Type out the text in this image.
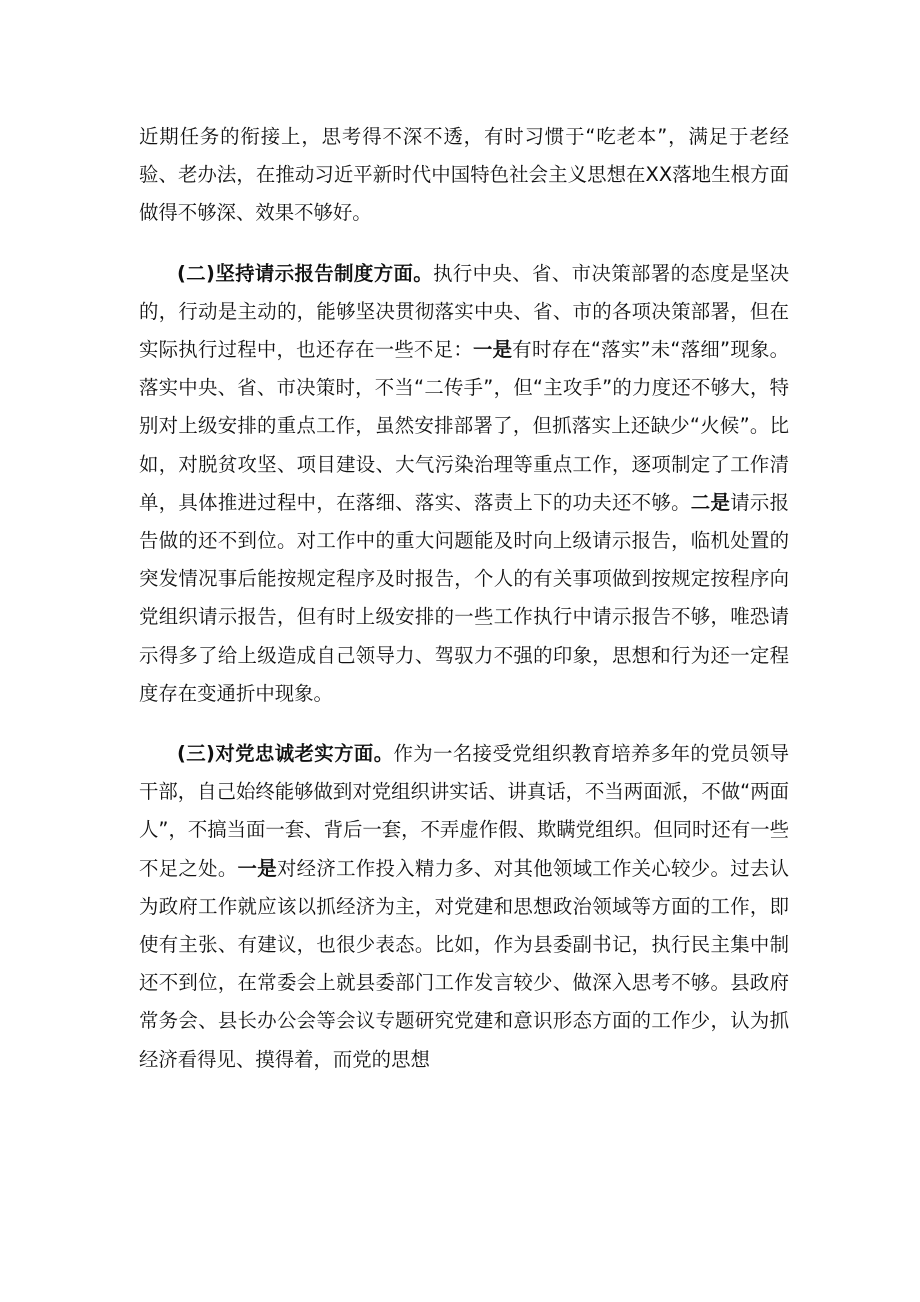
近期任务的衔接上，思考得不深不透，有时习惯于“吃老本”，满足于老经验、老办法，在推动习近平新时代中国特色社会主义思想在XX落地生根方面做得不够深、效果不够好。

(二)坚持请示报告制度方面。执行中央、省、市决策部署的态度是坚决的，行动是主动的，能够坚决贯彻落实中央、省、市的各项决策部署，但在实际执行过程中，也还存在一些不足：一是有时存在“落实”未“落细”现象。落实中央、省、市决策时，不当“二传手”，但“主攻手”的力度还不够大，特别对上级安排的重点工作，虽然安排部署了，但抓落实上还缺少“火候”。比如，对脱贫攻坚、项目建设、大气污染治理等重点工作，逐项制定了工作清单，具体推进过程中，在落细、落实、落责上下的功夫还不够。二是请示报告做的还不到位。对工作中的重大问题能及时向上级请示报告，临机处置的突发情况事后能按规定程序及时报告，个人的有关事项做到按规定按程序向党组织请示报告，但有时上级安排的一些工作执行中请示报告不够，唯恐请示得多了给上级造成自己领导力、驾驭力不强的印象，思想和行为还一定程度存在变通折中现象。

(三)对党忠诚老实方面。作为一名接受党组织教育培养多年的党员领导干部，自己始终能够做到对党组织讲实话、讲真话，不当两面派，不做“两面人”，不搞当面一套、背后一套，不弄虚作假、欺瞒党组织。但同时还有一些不足之处。一是对经济工作投入精力多、对其他领域工作关心较少。过去认为政府工作就应该以抓经济为主，对党建和思想政治领域等方面的工作，即使有主张、有建议，也很少表态。比如，作为县委副书记，执行民主集中制还不到位，在常委会上就县委部门工作发言较少、做深入思考不够。县政府常务会、县长办公会等会议专题研究党建和意识形态方面的工作少，认为抓经济看得见、摸得着，而党的思想
